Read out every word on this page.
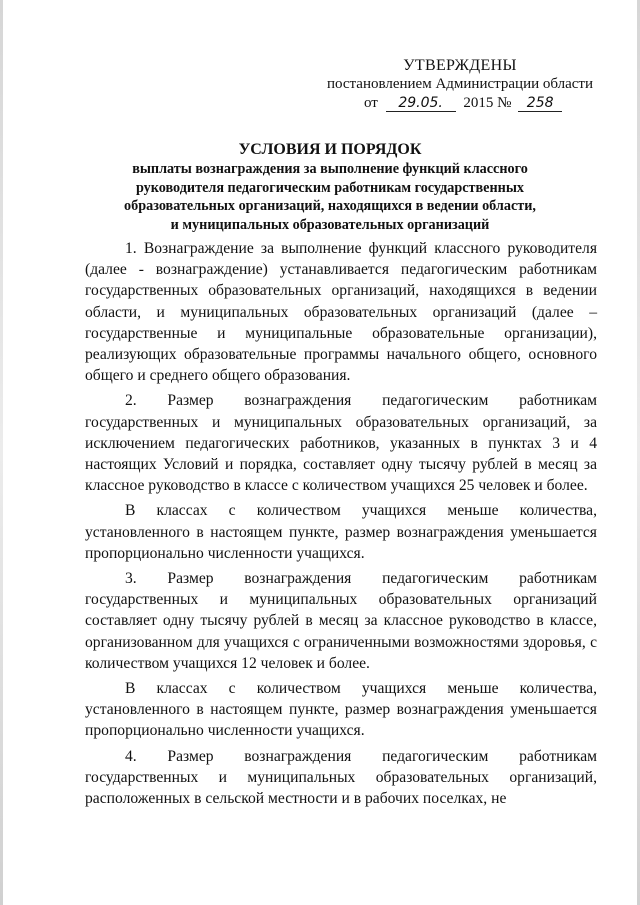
УТВЕРЖДЕНЫ
постановлением Администрации области
от 29.05. 2015 № 258
УСЛОВИЯ И ПОРЯДОК
выплаты вознаграждения за выполнение функций классного
руководителя педагогическим работникам государственных
образовательных организаций, находящихся в ведении области,
и муниципальных образовательных организаций

1. Вознаграждение за выполнение функций классного руководителя (далее - вознаграждение) устанавливается педагогическим работникам государственных образовательных организаций, находящихся в ведении области, и муниципальных образовательных организаций (далее – государственные и муниципальные образовательные организации), реализующих образовательные программы начального общего, основного общего и среднего общего образования.

2. Размер вознаграждения педагогическим работникам государственных и муниципальных образовательных организаций, за исключением педагогических работников, указанных в пунктах 3 и 4 настоящих Условий и порядка, составляет одну тысячу рублей в месяц за классное руководство в классе с количеством учащихся 25 человек и более.

В классах с количеством учащихся меньше количества, установленного в настоящем пункте, размер вознаграждения уменьшается пропорционально численности учащихся.

3. Размер вознаграждения педагогическим работникам государственных и муниципальных образовательных организаций составляет одну тысячу рублей в месяц за классное руководство в классе, организованном для учащихся с ограниченными возможностями здоровья, с количеством учащихся 12 человек и более.

В классах с количеством учащихся меньше количества, установленного в настоящем пункте, размер вознаграждения уменьшается пропорционально численности учащихся.

4. Размер вознаграждения педагогическим работникам государственных и муниципальных образовательных организаций, расположенных в сельской местности и в рабочих поселках, не
